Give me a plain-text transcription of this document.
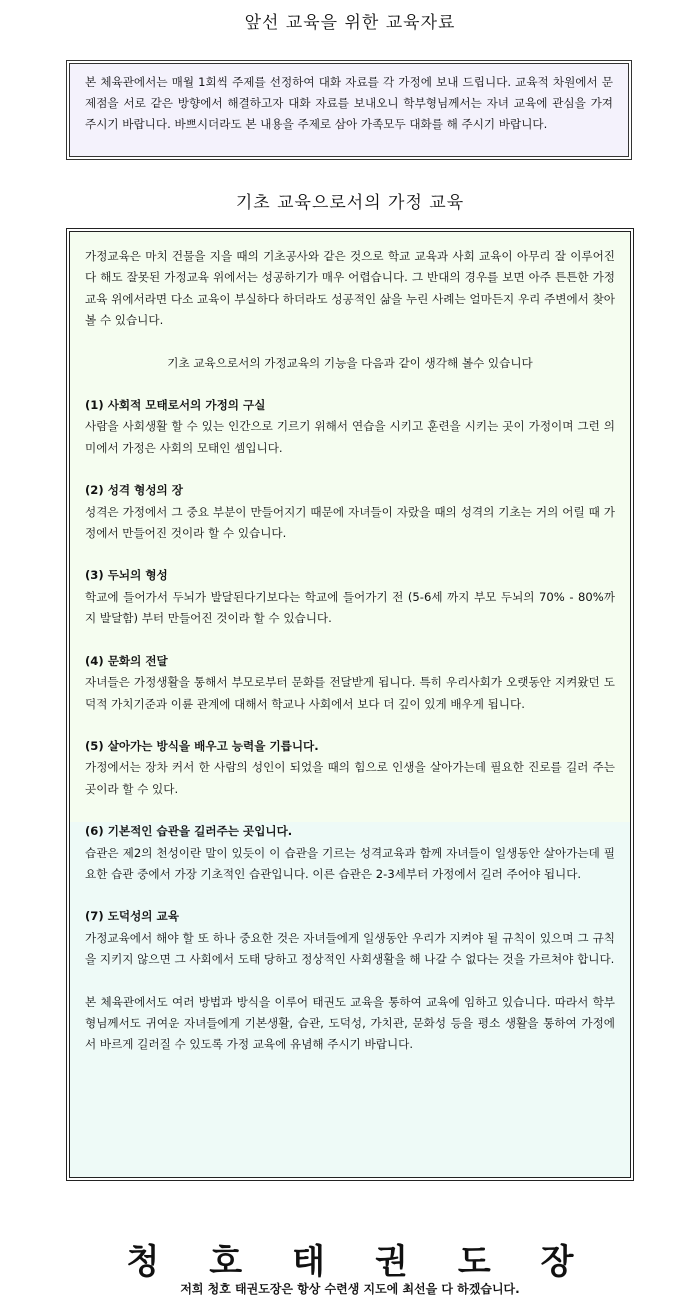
앞선 교육을 위한 교육자료
본 체육관에서는 매월 1회씩 주제를 선정하여 대화 자료를 각 가정에 보내 드립니다. 교육적 차원에서 문제점을 서로 같은 방향에서 해결하고자 대화 자료를 보내오니 학부형님께서는 자녀 교육에 관심을 가져 주시기 바랍니다. 바쁘시더라도 본 내용을 주제로 삼아 가족모두 대화를 해 주시기 바랍니다.
기초 교육으로서의 가정 교육

가정교육은 마치 건물을 지을 때의 기초공사와 같은 것으로 학교 교육과 사회 교육이 아무리 잘 이루어진다 해도 잘못된 가정교육 위에서는 성공하기가 매우 어렵습니다. 그 반대의 경우를 보면 아주 튼튼한 가정교육 위에서라면 다소 교육이 부실하다 하더라도 성공적인 삶을 누린 사례는 얼마든지 우리 주변에서 찾아볼 수 있습니다.

기초 교육으로서의 가정교육의 기능을 다음과 같이 생각해 볼수 있습니다

(1) 사회적 모태로서의 가정의 구실

사람을 사회생활 할 수 있는 인간으로 기르기 위해서 연습을 시키고 훈련을 시키는 곳이 가정이며 그런 의미에서 가정은 사회의 모태인 셈입니다.

(2) 성격 형성의 장

성격은 가정에서 그 중요 부분이 만들어지기 때문에 자녀들이 자랐을 때의 성격의 기초는 거의 어릴 때 가정에서 만들어진 것이라 할 수 있습니다.

(3) 두뇌의 형성

학교에 들어가서 두뇌가 발달된다기보다는 학교에 들어가기 전 (5-6세 까지 부모 두뇌의 70% - 80%까지 발달함) 부터 만들어진 것이라 할 수 있습니다.

(4) 문화의 전달

자녀들은 가정생활을 통해서 부모로부터 문화를 전달받게 됩니다. 특히 우리사회가 오랫동안 지켜왔던 도덕적 가치기준과 이륜 관계에 대해서 학교나 사회에서 보다 더 깊이 있게 배우게 됩니다.

(5) 살아가는 방식을 배우고 능력을 기릅니다.

가정에서는 장차 커서 한 사람의 성인이 되었을 때의 힘으로 인생을 살아가는데 필요한 진로를 길러 주는 곳이라 할 수 있다.

(6) 기본적인 습관을 길러주는 곳입니다.

습관은 제2의 천성이란 말이 있듯이 이 습관을 기르는 성격교육과 함께 자녀들이 일생동안 살아가는데 필요한 습관 중에서 가장 기초적인 습관입니다. 이른 습관은 2-3세부터 가정에서 길러 주어야 됩니다.

(7) 도덕성의 교육

가정교육에서 해야 할 또 하나 중요한 것은 자녀들에게 일생동안 우리가 지켜야 될 규칙이 있으며 그 규칙을 지키지 않으면 그 사회에서 도태 당하고 정상적인 사회생활을 해 나갈 수 없다는 것을 가르쳐야 합니다.

본 체육관에서도 여러 방법과 방식을 이루어 태권도 교육을 통하여 교육에 임하고 있습니다. 따라서 학부형님께서도 귀여운 자녀들에게 기본생활, 습관, 도덕성, 가치관, 문화성 등을 평소 생활을 통하여 가정에 서 바르게 길러질 수 있도록 가정 교육에 유념해 주시기 바랍니다.

청호태권도장
저희 청호 태권도장은 항상 수련생 지도에 최선을 다 하겠습니다.
